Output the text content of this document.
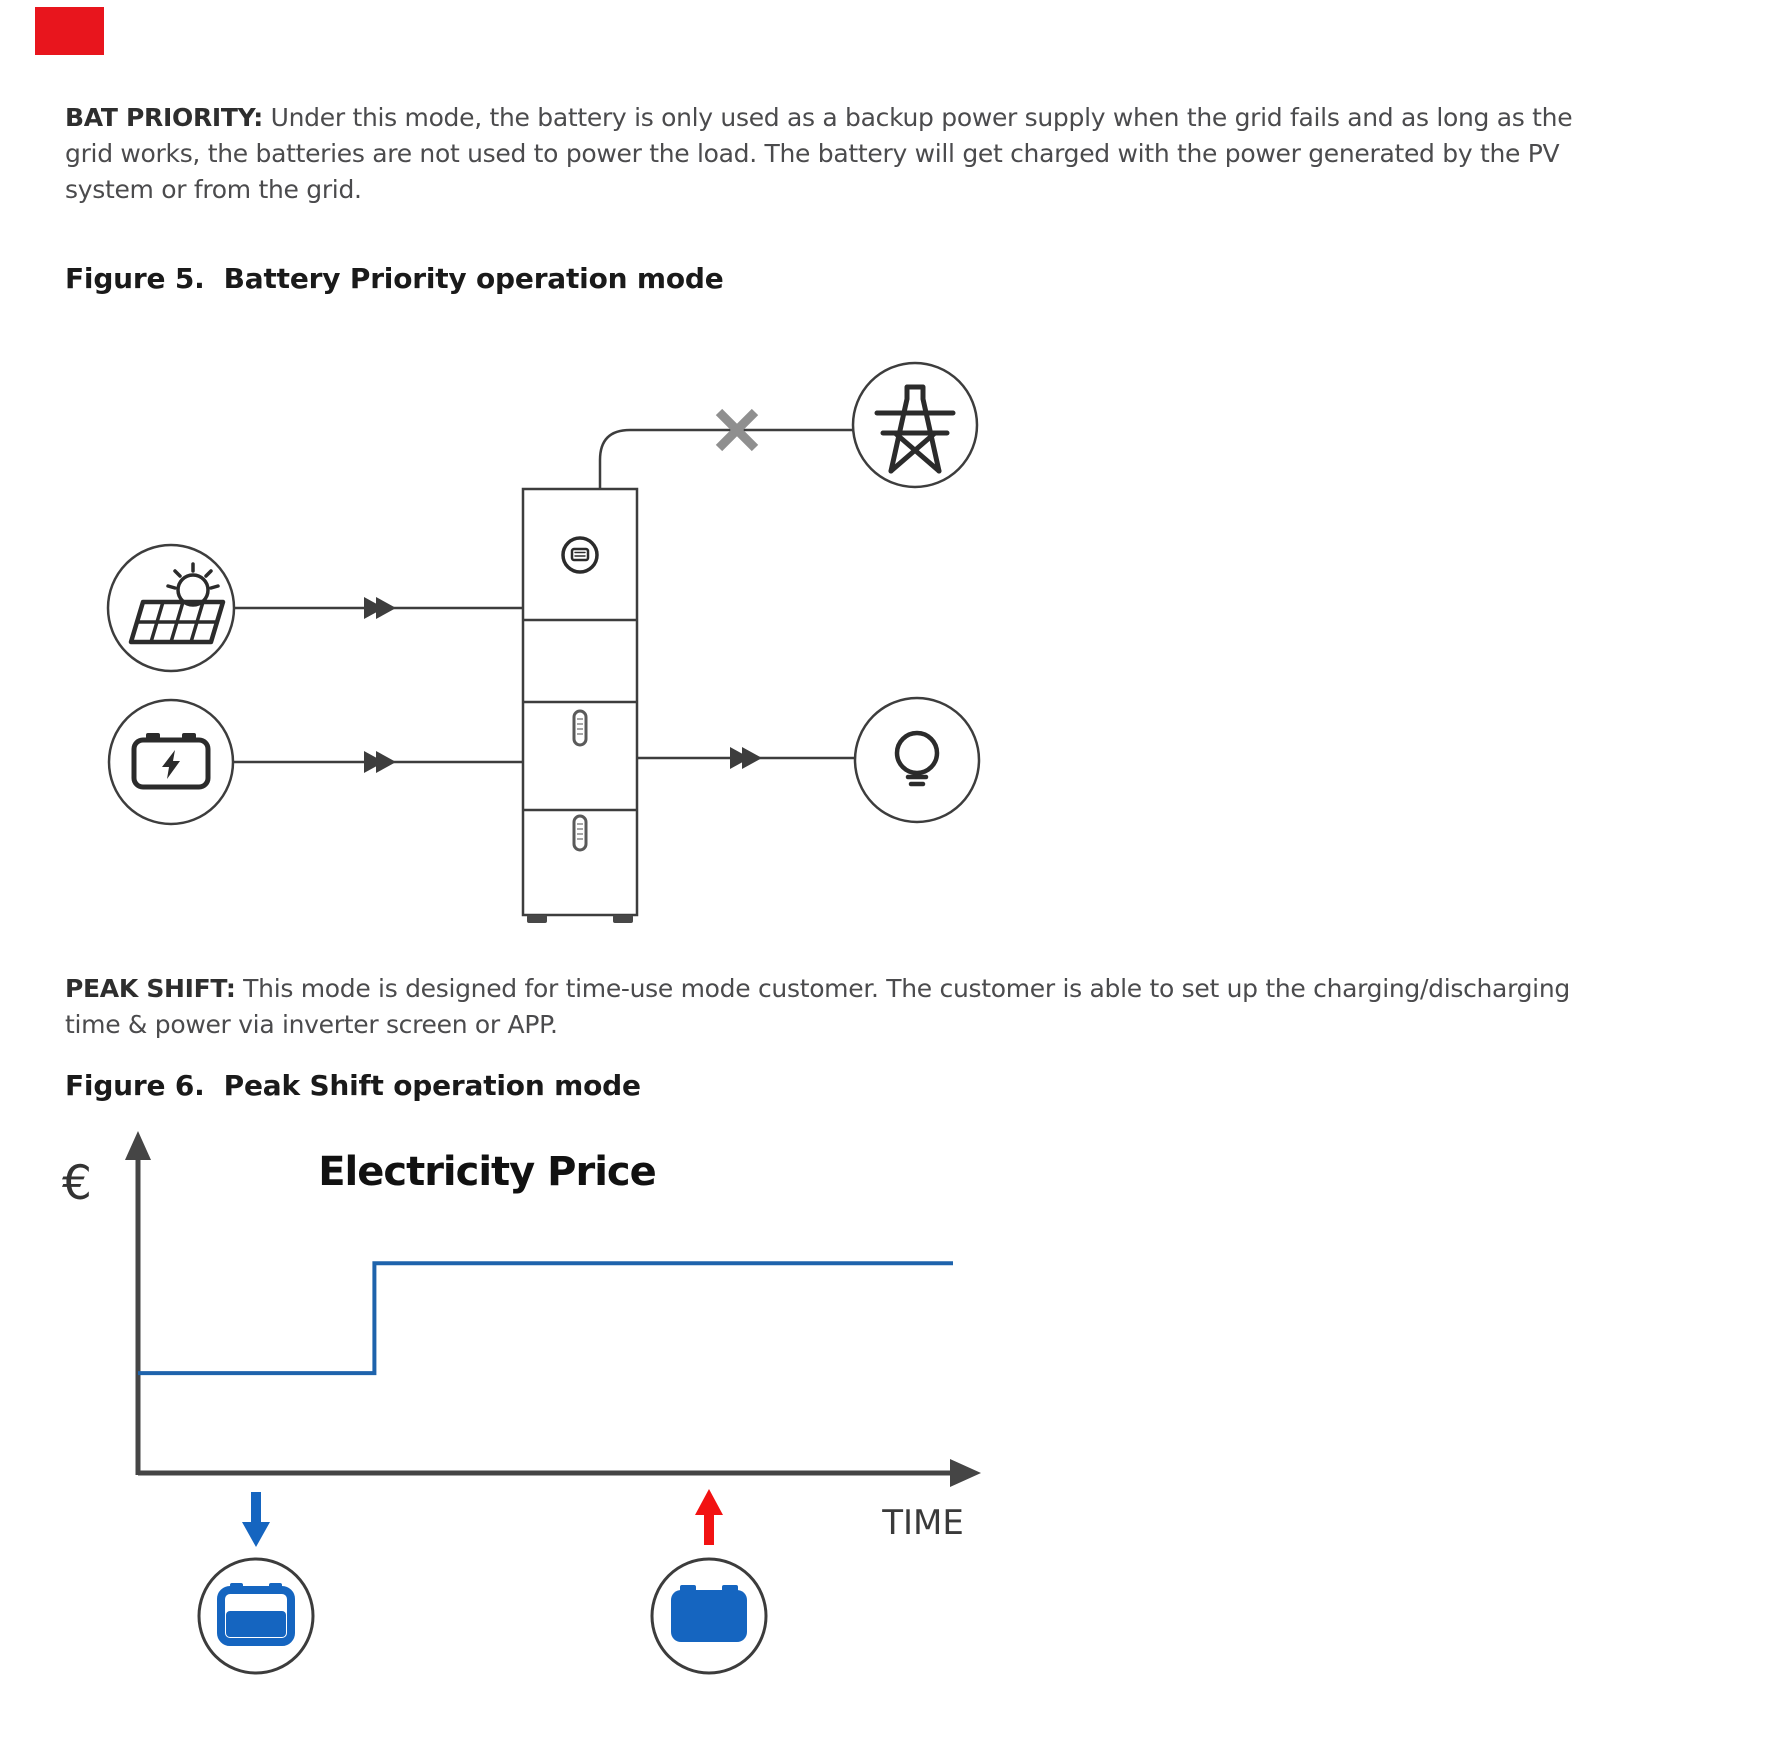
BAT PRIORITY: Under this mode, the battery is only used as a backup power supply when the grid fails and as long as the grid works, the batteries are not used to power the load. The battery will get charged with the power generated by the PV system or from the grid.

Figure 5.  Battery Priority operation mode

PEAK SHIFT: This mode is designed for time-use mode customer. The customer is able to set up the charging/discharging time & power via inverter screen or APP.

Figure 6.  Peak Shift operation mode
€	Electricity Price
TIME
